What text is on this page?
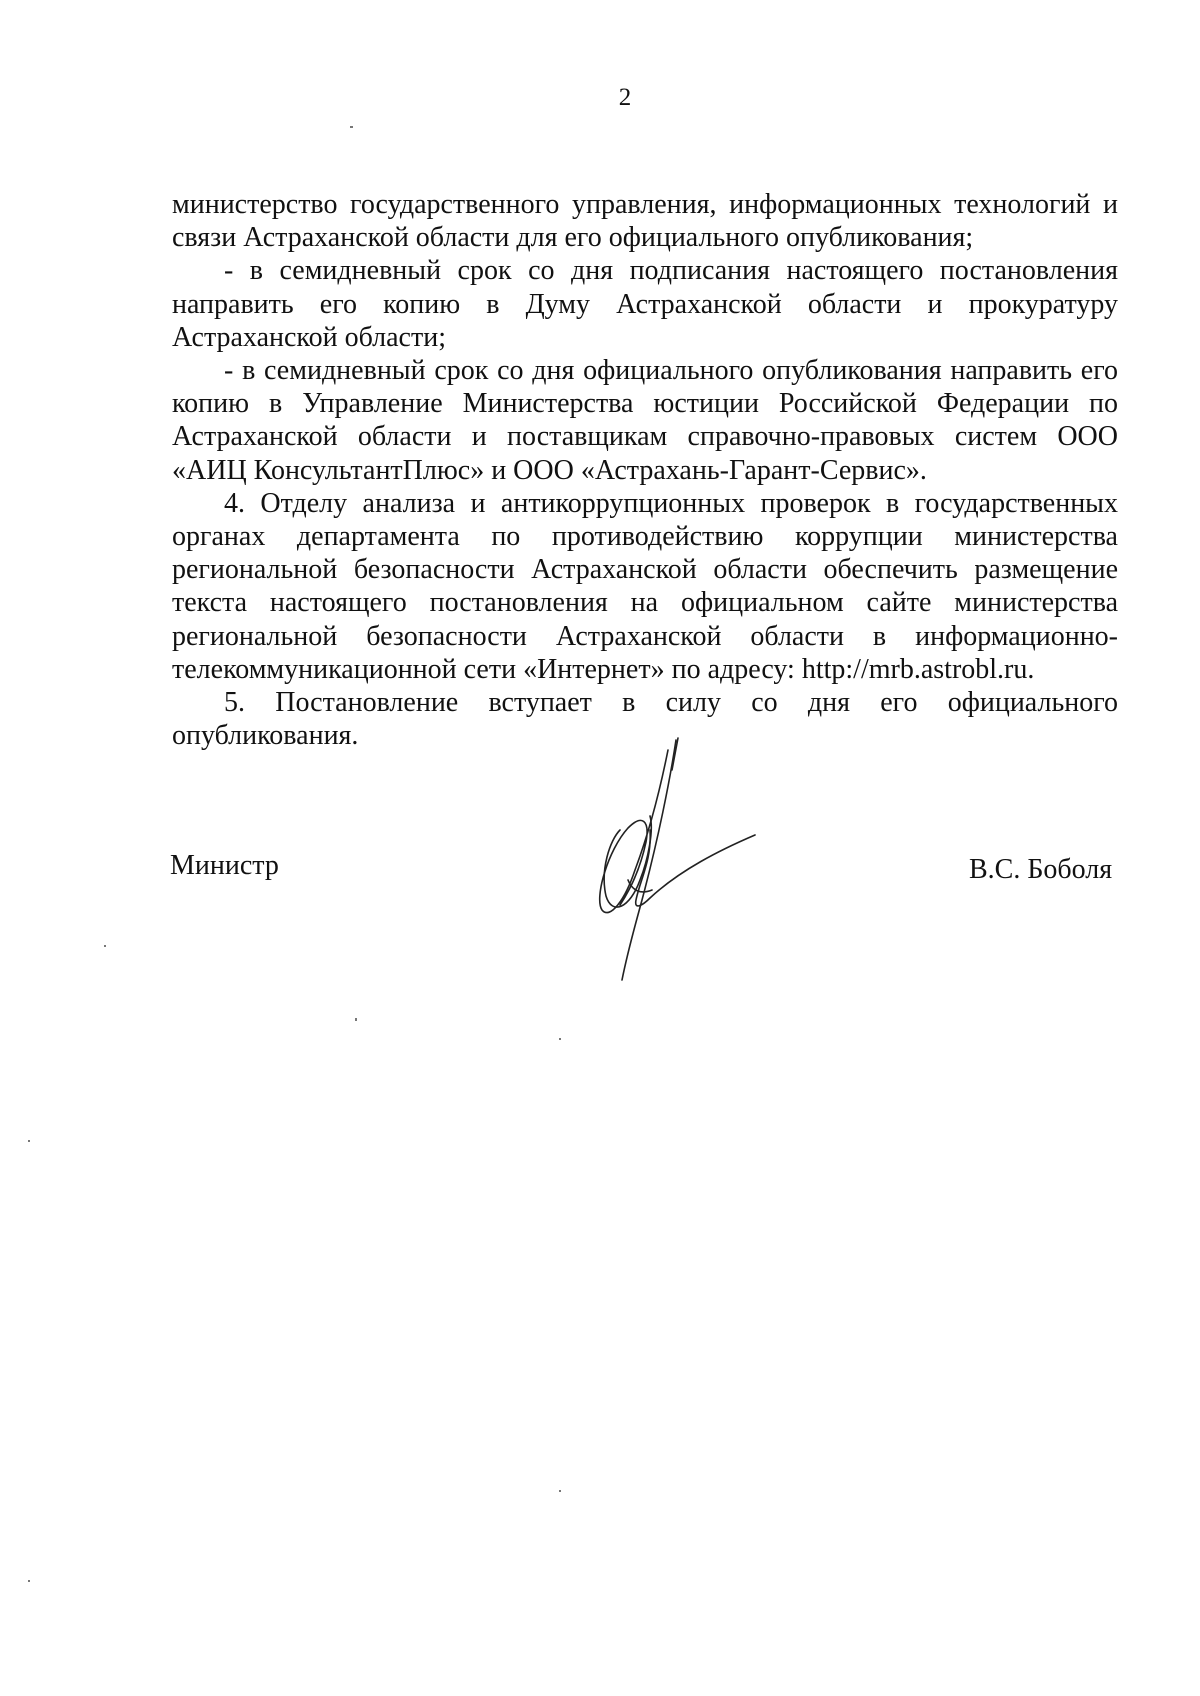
2

министерство государственного управления, информационных технологий и связи Астраханской области для его официального опубликования;

- в семидневный срок со дня подписания настоящего постановления направить его копию в Думу Астраханской области и прокуратуру Астраханской области;

- в семидневный срок со дня официального опубликования направить его копию в Управление Министерства юстиции Российской Федерации по Астраханской области и поставщикам справочно-правовых систем ООО «АИЦ КонсультантПлюс» и ООО «Астрахань-Гарант-Сервис».

4. Отделу анализа и антикоррупционных проверок в государственных органах департамента по противодействию коррупции министерства региональной безопасности Астраханской области обеспечить размещение текста настоящего постановления на официальном сайте министерства региональной безопасности Астраханской области в информационно-телекоммуникационной сети «Интернет» по адресу: http://mrb.astrobl.ru.

5. Постановление вступает в силу со дня его официального опубликования.

Министр	В.С. Боболя
